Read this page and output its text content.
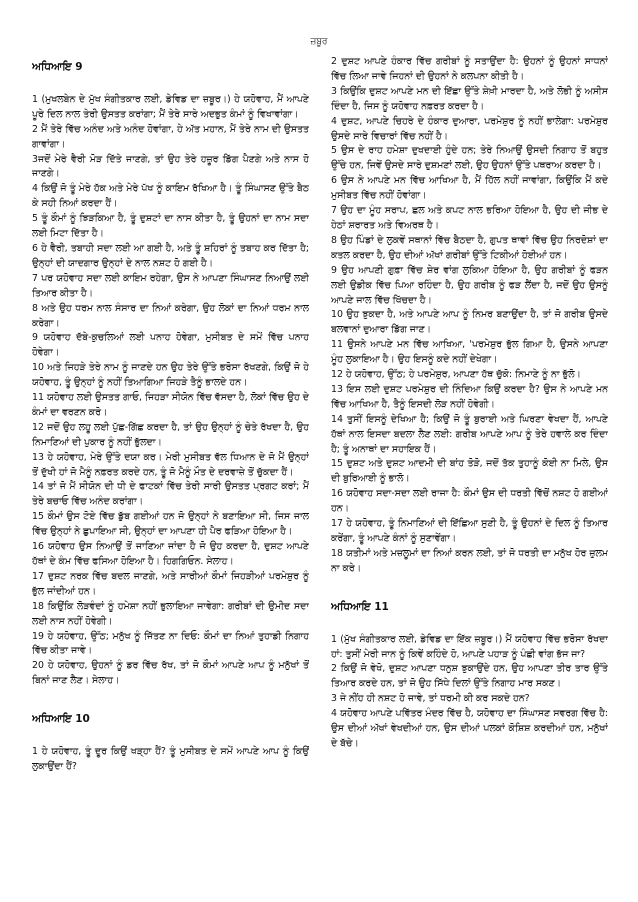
ਜ਼ਬੂਰ
ਅਧਿਆਇ 9

1 (ਮੁਖਲਬੇਨ ਦੇ ਮੁੱਖ ਸੰਗੀਤਕਾਰ ਲਈ, ਡੇਵਿਡ ਦਾ ਜ਼ਬੂਰ।) ਹੇ ਯਹੋਵਾਹ, ਮੈਂ ਆਪਣੇ ਪੂਰੇ ਦਿਲ ਨਾਲ ਤੇਰੀ ਉਸਤਤ ਕਰਾਂਗਾ; ਮੈਂ ਤੇਰੇ ਸਾਰੇ ਅਦਭੁਤ ਕੰਮਾਂ ਨੂੰ ਵਿਖਾਵਾਂਗਾ।

2 ਮੈਂ ਤੇਰੇ ਵਿੱਚ ਅਨੰਦ ਅਤੇ ਅਨੰਦ ਹੋਵਾਂਗਾ, ਹੇ ਅੱਤ ਮਹਾਨ, ਮੈਂ ਤੇਰੇ ਨਾਮ ਦੀ ਉਸਤਤ ਗਾਵਾਂਗਾ।

3ਜਦੋਂ ਮੇਰੇ ਵੈਰੀ ਮੋੜ ਦਿੱਤੇ ਜਾਣਗੇ, ਤਾਂ ਉਹ ਤੇਰੇ ਹਜ਼ੂਰ ਡਿੱਗ ਪੈਣਗੇ ਅਤੇ ਨਾਸ ਹੋ ਜਾਣਗੇ।

4 ਕਿਉਂ ਜੋ ਤੂੰ ਮੇਰੇ ਹੱਕ ਅਤੇ ਮੇਰੇ ਪੱਖ ਨੂੰ ਕਾਇਮ ਰੱਖਿਆ ਹੈ। ਤੂੰ ਸਿੰਘਾਸਣ ਉੱਤੇ ਬੈਠ ਕੇ ਸਹੀ ਨਿਆਂ ਕਰਦਾ ਹੈਂ।

5 ਤੂੰ ਕੌਮਾਂ ਨੂੰ ਝਿੜਕਿਆ ਹੈ, ਤੂੰ ਦੁਸ਼ਟਾਂ ਦਾ ਨਾਸ ਕੀਤਾ ਹੈ, ਤੂੰ ਉਹਨਾਂ ਦਾ ਨਾਮ ਸਦਾ ਲਈ ਮਿਟਾ ਦਿੱਤਾ ਹੈ।

6 ਹੇ ਵੈਰੀ, ਤਬਾਹੀ ਸਦਾ ਲਈ ਆ ਗਈ ਹੈ, ਅਤੇ ਤੂੰ ਸ਼ਹਿਰਾਂ ਨੂੰ ਤਬਾਹ ਕਰ ਦਿੱਤਾ ਹੈ; ਉਨ੍ਹਾਂ ਦੀ ਯਾਦਗਾਰ ਉਨ੍ਹਾਂ ਦੇ ਨਾਲ ਨਸ਼ਟ ਹੋ ਗਈ ਹੈ।

7 ਪਰ ਯਹੋਵਾਹ ਸਦਾ ਲਈ ਕਾਇਮ ਰਹੇਗਾ, ਉਸ ਨੇ ਆਪਣਾ ਸਿੰਘਾਸਣ ਨਿਆਉਂ ਲਈ ਤਿਆਰ ਕੀਤਾ ਹੈ।

8 ਅਤੇ ਉਹ ਧਰਮ ਨਾਲ ਸੰਸਾਰ ਦਾ ਨਿਆਂ ਕਰੇਗਾ, ਉਹ ਲੋਕਾਂ ਦਾ ਨਿਆਂ ਧਰਮ ਨਾਲ ਕਰੇਗਾ।

9 ਯਹੋਵਾਹ ਦੱਬੇ-ਕੁਚਲਿਆਂ ਲਈ ਪਨਾਹ ਹੋਵੇਗਾ, ਮੁਸੀਬਤ ਦੇ ਸਮੇਂ ਵਿੱਚ ਪਨਾਹ ਹੋਵੇਗਾ।

10 ਅਤੇ ਜਿਹੜੇ ਤੇਰੇ ਨਾਮ ਨੂੰ ਜਾਣਦੇ ਹਨ ਉਹ ਤੇਰੇ ਉੱਤੇ ਭਰੋਸਾ ਰੱਖਣਗੇ, ਕਿਉਂ ਜੋ ਹੇ ਯਹੋਵਾਹ, ਤੂੰ ਉਨ੍ਹਾਂ ਨੂੰ ਨਹੀਂ ਤਿਆਗਿਆ ਜਿਹੜੇ ਤੈਨੂੰ ਭਾਲਦੇ ਹਨ।

11 ਯਹੋਵਾਹ ਲਈ ਉਸਤਤ ਗਾਓ, ਜਿਹੜਾ ਸੀਯੋਨ ਵਿੱਚ ਵੱਸਦਾ ਹੈ, ਲੋਕਾਂ ਵਿੱਚ ਉਹ ਦੇ ਕੰਮਾਂ ਦਾ ਵਰਣਨ ਕਰੋ।

12 ਜਦੋਂ ਉਹ ਲਹੂ ਲਈ ਪੁੱਛ-ਗਿੱਛ ਕਰਦਾ ਹੈ, ਤਾਂ ਉਹ ਉਨ੍ਹਾਂ ਨੂੰ ਚੇਤੇ ਰੱਖਦਾ ਹੈ, ਉਹ ਨਿਮਾਣਿਆਂ ਦੀ ਪੁਕਾਰ ਨੂੰ ਨਹੀਂ ਭੁੱਲਦਾ।

13 ਹੇ ਯਹੋਵਾਹ, ਮੇਰੇ ਉੱਤੇ ਦਯਾ ਕਰ। ਮੇਰੀ ਮੁਸੀਬਤ ਵੱਲ ਧਿਆਨ ਦੇ ਜੋ ਮੈਂ ਉਨ੍ਹਾਂ ਤੋਂ ਦੁੱਖੀ ਹਾਂ ਜੋ ਮੈਨੂੰ ਨਫ਼ਰਤ ਕਰਦੇ ਹਨ, ਤੂੰ ਜੋ ਮੈਨੂੰ ਮੌਤ ਦੇ ਦਰਵਾਜ਼ੇ ਤੋਂ ਚੁੱਕਦਾ ਹੈਂ।

14 ਤਾਂ ਜੋ ਮੈਂ ਸੀਯੋਨ ਦੀ ਧੀ ਦੇ ਫਾਟਕਾਂ ਵਿੱਚ ਤੇਰੀ ਸਾਰੀ ਉਸਤਤ ਪ੍ਰਗਟ ਕਰਾਂ; ਮੈਂ ਤੇਰੇ ਬਚਾਓ ਵਿੱਚ ਅਨੰਦ ਕਰਾਂਗਾ।

15 ਕੌਮਾਂ ਉਸ ਟੋਏ ਵਿੱਚ ਡੁੱਬ ਗਈਆਂ ਹਨ ਜੋ ਉਨ੍ਹਾਂ ਨੇ ਬਣਾਇਆ ਸੀ, ਜਿਸ ਜਾਲ ਵਿੱਚ ਉਨ੍ਹਾਂ ਨੇ ਛੁਪਾਇਆ ਸੀ, ਉਨ੍ਹਾਂ ਦਾ ਆਪਣਾ ਹੀ ਪੈਰ ਫੜਿਆ ਹੋਇਆ ਹੈ।

16 ਯਹੋਵਾਹ ਉਸ ਨਿਆਉਂ ਤੋਂ ਜਾਣਿਆ ਜਾਂਦਾ ਹੈ ਜੋ ਉਹ ਕਰਦਾ ਹੈ, ਦੁਸ਼ਟ ਆਪਣੇ ਹੱਥਾਂ ਦੇ ਕੰਮ ਵਿੱਚ ਫਸਿਆ ਹੋਇਆ ਹੈ। ਹਿਗਗਿਓਨ. ਸੇਲਾਹ।

17 ਦੁਸ਼ਟ ਨਰਕ ਵਿੱਚ ਬਦਲ ਜਾਣਗੇ, ਅਤੇ ਸਾਰੀਆਂ ਕੌਮਾਂ ਜਿਹੜੀਆਂ ਪਰਮੇਸ਼ੁਰ ਨੂੰ ਭੁੱਲ ਜਾਂਦੀਆਂ ਹਨ।

18 ਕਿਉਂਕਿ ਲੋੜਵੰਦਾਂ ਨੂੰ ਹਮੇਸ਼ਾ ਨਹੀਂ ਭੁਲਾਇਆ ਜਾਵੇਗਾ: ਗਰੀਬਾਂ ਦੀ ਉਮੀਦ ਸਦਾ ਲਈ ਨਾਸ ਨਹੀਂ ਹੋਵੇਗੀ।

19 ਹੇ ਯਹੋਵਾਹ, ਉੱਠ; ਮਨੁੱਖ ਨੂੰ ਜਿੱਤਣ ਨਾ ਦਿਓ: ਕੌਮਾਂ ਦਾ ਨਿਆਂ ਤੁਹਾਡੀ ਨਿਗਾਹ ਵਿੱਚ ਕੀਤਾ ਜਾਵੇ।

20 ਹੇ ਯਹੋਵਾਹ, ਉਹਨਾਂ ਨੂੰ ਡਰ ਵਿੱਚ ਰੱਖ, ਤਾਂ ਜੋ ਕੌਮਾਂ ਆਪਣੇ ਆਪ ਨੂੰ ਮਨੁੱਖਾਂ ਤੋਂ ਬਿਨਾਂ ਜਾਣ ਲੈਣ। ਸੇਲਾਹ।

ਅਧਿਆਇ 10

1 ਹੇ ਯਹੋਵਾਹ, ਤੂੰ ਦੂਰ ਕਿਉਂ ਖੜ੍ਹਾ ਹੈਂ? ਤੂੰ ਮੁਸੀਬਤ ਦੇ ਸਮੇਂ ਆਪਣੇ ਆਪ ਨੂੰ ਕਿਉਂ ਲੁਕਾਉਂਦਾ ਹੈਂ?

2 ਦੁਸ਼ਟ ਆਪਣੇ ਹੰਕਾਰ ਵਿੱਚ ਗਰੀਬਾਂ ਨੂੰ ਸਤਾਉਂਦਾ ਹੈ: ਉਹਨਾਂ ਨੂੰ ਉਹਨਾਂ ਸਾਧਨਾਂ ਵਿੱਚ ਲਿਆ ਜਾਵੇ ਜਿਹਨਾਂ ਦੀ ਉਹਨਾਂ ਨੇ ਕਲਪਨਾ ਕੀਤੀ ਹੈ।

3 ਕਿਉਂਕਿ ਦੁਸ਼ਟ ਆਪਣੇ ਮਨ ਦੀ ਇੱਛਾ ਉੱਤੇ ਸ਼ੇਖ਼ੀ ਮਾਰਦਾ ਹੈ, ਅਤੇ ਲੋਭੀ ਨੂੰ ਅਸੀਸ ਦਿੰਦਾ ਹੈ, ਜਿਸ ਨੂੰ ਯਹੋਵਾਹ ਨਫ਼ਰਤ ਕਰਦਾ ਹੈ।

4 ਦੁਸ਼ਟ, ਆਪਣੇ ਚਿਹਰੇ ਦੇ ਹੰਕਾਰ ਦੁਆਰਾ, ਪਰਮੇਸ਼ੁਰ ਨੂੰ ਨਹੀਂ ਭਾਲੇਗਾ: ਪਰਮੇਸ਼ੁਰ ਉਸਦੇ ਸਾਰੇ ਵਿਚਾਰਾਂ ਵਿੱਚ ਨਹੀਂ ਹੈ।

5 ਉਸ ਦੇ ਰਾਹ ਹਮੇਸ਼ਾ ਦੁਖਦਾਈ ਹੁੰਦੇ ਹਨ; ਤੇਰੇ ਨਿਆਉਂ ਉਸਦੀ ਨਿਗਾਹ ਤੋਂ ਬਹੁਤ ਉੱਚੇ ਹਨ, ਜਿਵੇਂ ਉਸਦੇ ਸਾਰੇ ਦੁਸ਼ਮਣਾਂ ਲਈ, ਉਹ ਉਹਨਾਂ ਉੱਤੇ ਪਥਰਾਅ ਕਰਦਾ ਹੈ।

6 ਉਸ ਨੇ ਆਪਣੇ ਮਨ ਵਿੱਚ ਆਖਿਆ ਹੈ, ਮੈਂ ਹਿੱਲ ਨਹੀਂ ਜਾਵਾਂਗਾ, ਕਿਉਂਕਿ ਮੈਂ ਕਦੇ ਮੁਸੀਬਤ ਵਿੱਚ ਨਹੀਂ ਹੋਵਾਂਗਾ।

7 ਉਹ ਦਾ ਮੂੰਹ ਸਰਾਪ, ਛਲ ਅਤੇ ਕਪਟ ਨਾਲ ਭਰਿਆ ਹੋਇਆ ਹੈ, ਉਹ ਦੀ ਜੀਭ ਦੇ ਹੇਠਾਂ ਸ਼ਰਾਰਤ ਅਤੇ ਵਿਅਰਥ ਹੈ।

8 ਉਹ ਪਿੰਡਾਂ ਦੇ ਲੁਕਵੇਂ ਸਥਾਨਾਂ ਵਿੱਚ ਬੈਠਦਾ ਹੈ, ਗੁਪਤ ਥਾਵਾਂ ਵਿੱਚ ਉਹ ਨਿਰਦੋਸ਼ਾਂ ਦਾ ਕਤਲ ਕਰਦਾ ਹੈ, ਉਹ ਦੀਆਂ ਅੱਖਾਂ ਗਰੀਬਾਂ ਉੱਤੇ ਟਿਕੀਆਂ ਹੋਈਆਂ ਹਨ।

9 ਉਹ ਆਪਣੀ ਗੁਫ਼ਾ ਵਿੱਚ ਸ਼ੇਰ ਵਾਂਗ ਲੁਕਿਆ ਹੋਇਆ ਹੈ, ਉਹ ਗਰੀਬਾਂ ਨੂੰ ਫੜਨ ਲਈ ਉਡੀਕ ਵਿੱਚ ਪਿਆ ਰਹਿੰਦਾ ਹੈ, ਉਹ ਗਰੀਬ ਨੂੰ ਫੜ ਲੈਂਦਾ ਹੈ, ਜਦੋਂ ਉਹ ਉਸਨੂੰ ਆਪਣੇ ਜਾਲ ਵਿੱਚ ਖਿੱਚਦਾ ਹੈ।

10 ਉਹ ਝੁਕਦਾ ਹੈ, ਅਤੇ ਆਪਣੇ ਆਪ ਨੂੰ ਨਿਮਰ ਬਣਾਉਂਦਾ ਹੈ, ਤਾਂ ਜੋ ਗਰੀਬ ਉਸਦੇ ਬਲਵਾਨਾਂ ਦੁਆਰਾ ਡਿੱਗ ਜਾਣ।

11 ਉਸਨੇ ਆਪਣੇ ਮਨ ਵਿੱਚ ਆਖਿਆ, 'ਪਰਮੇਸ਼ੁਰ ਭੁੱਲ ਗਿਆ ਹੈ, ਉਸਨੇ ਆਪਣਾ ਮੂੰਹ ਲੁਕਾਇਆ ਹੈ। ਉਹ ਇਸਨੂੰ ਕਦੇ ਨਹੀਂ ਦੇਖੇਗਾ।

12 ਹੇ ਯਹੋਵਾਹ, ਉੱਠ; ਹੇ ਪਰਮੇਸ਼ੁਰ, ਆਪਣਾ ਹੱਥ ਚੁੱਕੋ: ਨਿਮਾਣੇ ਨੂੰ ਨਾ ਭੁੱਲੋ।

13 ਇਸ ਲਈ ਦੁਸ਼ਟ ਪਰਮੇਸ਼ੁਰ ਦੀ ਨਿੰਦਿਆ ਕਿਉਂ ਕਰਦਾ ਹੈ? ਉਸ ਨੇ ਆਪਣੇ ਮਨ ਵਿੱਚ ਆਖਿਆ ਹੈ, ਤੈਨੂੰ ਇਸਦੀ ਲੋੜ ਨਹੀਂ ਹੋਵੇਗੀ।

14 ਤੁਸੀਂ ਇਸਨੂੰ ਦੇਖਿਆ ਹੈ; ਕਿਉਂ ਜੋ ਤੂੰ ਬੁਰਾਈ ਅਤੇ ਘਿਰਣਾ ਵੇਖਦਾ ਹੈਂ, ਆਪਣੇ ਹੱਥਾਂ ਨਾਲ ਇਸਦਾ ਬਦਲਾ ਲੈਣ ਲਈ: ਗਰੀਬ ਆਪਣੇ ਆਪ ਨੂੰ ਤੇਰੇ ਹਵਾਲੇ ਕਰ ਦਿੰਦਾ ਹੈ; ਤੂੰ ਅਨਾਥਾਂ ਦਾ ਸਹਾਇਕ ਹੈਂ।

15 ਦੁਸ਼ਟ ਅਤੇ ਦੁਸ਼ਟ ਆਦਮੀ ਦੀ ਬਾਂਹ ਤੋੜੋ, ਜਦੋਂ ਤੱਕ ਤੁਹਾਨੂੰ ਕੋਈ ਨਾ ਮਿਲੇ, ਉਸ ਦੀ ਬੁਰਿਆਈ ਨੂੰ ਭਾਲੋ।

16 ਯਹੋਵਾਹ ਸਦਾ-ਸਦਾ ਲਈ ਰਾਜਾ ਹੈ: ਕੌਮਾਂ ਉਸ ਦੀ ਧਰਤੀ ਵਿੱਚੋਂ ਨਸ਼ਟ ਹੋ ਗਈਆਂ ਹਨ।

17 ਹੇ ਯਹੋਵਾਹ, ਤੂੰ ਨਿਮਾਣਿਆਂ ਦੀ ਇੱਛਿਆ ਸੁਣੀ ਹੈ, ਤੂੰ ਉਹਨਾਂ ਦੇ ਦਿਲ ਨੂੰ ਤਿਆਰ ਕਰੇਂਗਾ, ਤੂੰ ਆਪਣੇ ਕੰਨਾਂ ਨੂੰ ਸੁਣਾਵੇਂਗਾ।

18 ਯਤੀਮਾਂ ਅਤੇ ਮਜ਼ਲੂਮਾਂ ਦਾ ਨਿਆਂ ਕਰਨ ਲਈ, ਤਾਂ ਜੋ ਧਰਤੀ ਦਾ ਮਨੁੱਖ ਹੋਰ ਜ਼ੁਲਮ ਨਾ ਕਰੇ।

ਅਧਿਆਇ 11

1 (ਮੁੱਖ ਸੰਗੀਤਕਾਰ ਲਈ, ਡੇਵਿਡ ਦਾ ਇੱਕ ਜ਼ਬੂਰ।) ਮੈਂ ਯਹੋਵਾਹ ਵਿੱਚ ਭਰੋਸਾ ਰੱਖਦਾ ਹਾਂ: ਤੁਸੀਂ ਮੇਰੀ ਜਾਨ ਨੂੰ ਕਿਵੇਂ ਕਹਿੰਦੇ ਹੋ, ਆਪਣੇ ਪਹਾੜ ਨੂੰ ਪੰਛੀ ਵਾਂਗ ਭੱਜ ਜਾ?

2 ਕਿਉਂ ਜੋ ਵੇਖੋ, ਦੁਸ਼ਟ ਆਪਣਾ ਧਨੁਸ਼ ਝੁਕਾਉਂਦੇ ਹਨ, ਉਹ ਆਪਣਾ ਤੀਰ ਤਾਰ ਉੱਤੇ ਤਿਆਰ ਕਰਦੇ ਹਨ, ਤਾਂ ਜੋ ਉਹ ਸਿੱਧੇ ਦਿਲਾਂ ਉੱਤੇ ਨਿਗਾਹ ਮਾਰ ਸਕਣ।

3 ਜੇ ਨੀਂਹ ਹੀ ਨਸ਼ਟ ਹੋ ਜਾਵੇ, ਤਾਂ ਧਰਮੀ ਕੀ ਕਰ ਸਕਦੇ ਹਨ?

4 ਯਹੋਵਾਹ ਆਪਣੇ ਪਵਿੱਤਰ ਮੰਦਰ ਵਿੱਚ ਹੈ, ਯਹੋਵਾਹ ਦਾ ਸਿੰਘਾਸਣ ਸਵਰਗ ਵਿੱਚ ਹੈ: ਉਸ ਦੀਆਂ ਅੱਖਾਂ ਵੇਖਦੀਆਂ ਹਨ, ਉਸ ਦੀਆਂ ਪਲਕਾਂ ਕੋਸ਼ਿਸ਼ ਕਰਦੀਆਂ ਹਨ, ਮਨੁੱਖਾਂ ਦੇ ਬੱਚੇ।
